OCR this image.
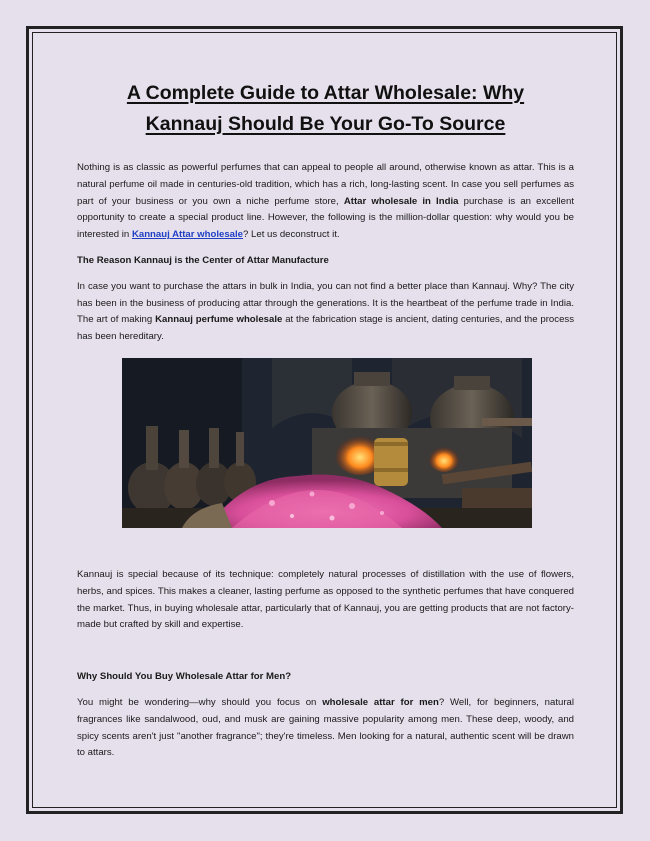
A Complete Guide to Attar Wholesale: Why
Kannauj Should Be Your Go-To Source

Nothing is as classic as powerful perfumes that can appeal to people all around, otherwise known as attar. This is a natural perfume oil made in centuries-old tradition, which has a rich, long-lasting scent. In case you sell perfumes as part of your business or you own a niche perfume store, Attar wholesale in India purchase is an excellent opportunity to create a special product line. However, the following is the million-dollar question: why would you be interested in Kannauj Attar wholesale? Let us deconstruct it.

The Reason Kannauj is the Center of Attar Manufacture

In case you want to purchase the attars in bulk in India, you can not find a better place than Kannauj. Why? The city has been in the business of producing attar through the generations. It is the heartbeat of the perfume trade in India. The art of making Kannauj perfume wholesale at the fabrication stage is ancient, dating centuries, and the process has been hereditary.

Kannauj is special because of its technique: completely natural processes of distillation with the use of flowers, herbs, and spices. This makes a cleaner, lasting perfume as opposed to the synthetic perfumes that have conquered the market. Thus, in buying wholesale attar, particularly that of Kannauj, you are getting products that are not factory-made but crafted by skill and expertise.

Why Should You Buy Wholesale Attar for Men?

You might be wondering—why should you focus on wholesale attar for men? Well, for beginners, natural fragrances like sandalwood, oud, and musk are gaining massive popularity among men. These deep, woody, and spicy scents aren't just "another fragrance"; they're timeless. Men looking for a natural, authentic scent will be drawn to attars.
